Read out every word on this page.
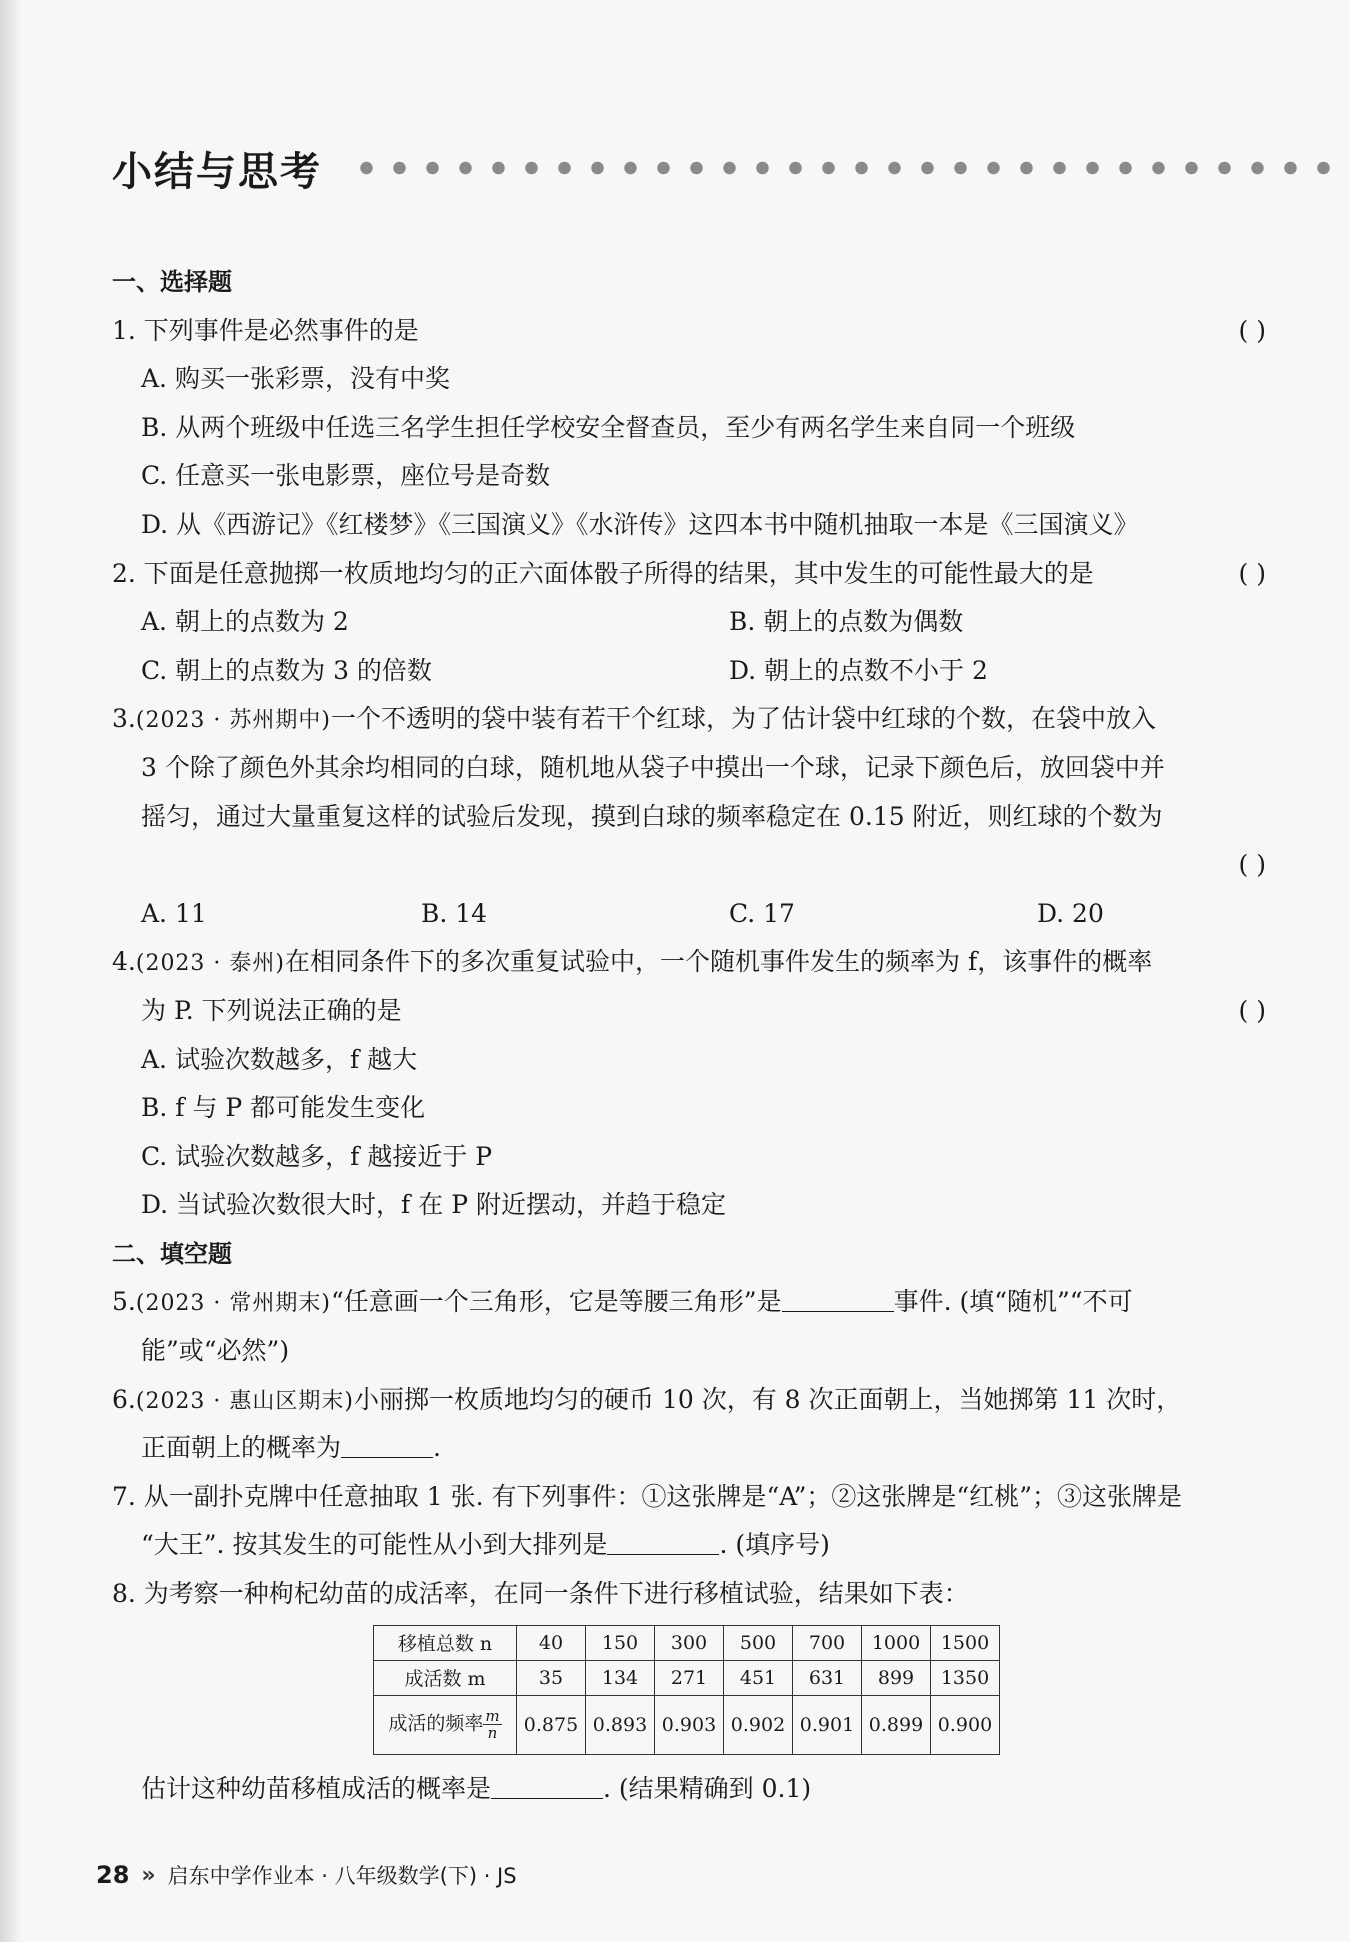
小结与思考
一、选择题
1. 下列事件是必然事件的是	( )
A. 购买一张彩票，没有中奖
B. 从两个班级中任选三名学生担任学校安全督查员，至少有两名学生来自同一个班级
C. 任意买一张电影票，座位号是奇数
D. 从《西游记》《红楼梦》《三国演义》《水浒传》这四本书中随机抽取一本是《三国演义》
2. 下面是任意抛掷一枚质地均匀的正六面体骰子所得的结果，其中发生的可能性最大的是	( )
A. 朝上的点数为 2	B. 朝上的点数为偶数
C. 朝上的点数为 3 的倍数	D. 朝上的点数不小于 2
3.(2023 · 苏州期中)一个不透明的袋中装有若干个红球，为了估计袋中红球的个数，在袋中放入
3 个除了颜色外其余均相同的白球，随机地从袋子中摸出一个球，记录下颜色后，放回袋中并
摇匀，通过大量重复这样的试验后发现，摸到白球的频率稳定在 0.15 附近，则红球的个数为
( )
A. 11	B. 14	C. 17	D. 20
4.(2023 · 泰州)在相同条件下的多次重复试验中，一个随机事件发生的频率为 f，该事件的概率
为 P. 下列说法正确的是	( )
A. 试验次数越多，f 越大
B. f 与 P 都可能发生变化
C. 试验次数越多，f 越接近于 P
D. 当试验次数很大时，f 在 P 附近摆动，并趋于稳定
二、填空题
5.(2023 · 常州期末)“任意画一个三角形，它是等腰三角形”是	事件. (填“随机”“不可
能”或“必然”)
6.(2023 · 惠山区期末)小丽掷一枚质地均匀的硬币 10 次，有 8 次正面朝上，当她掷第 11 次时，
正面朝上的概率为	.
7. 从一副扑克牌中任意抽取 1 张. 有下列事件：①这张牌是“A”；②这张牌是“红桃”；③这张牌是
“大王”. 按其发生的可能性从小到大排列是	. (填序号)
8. 为考察一种枸杞幼苗的成活率，在同一条件下进行移植试验，结果如下表：
移植总数 n	40	150	300	500	700	1000	1500
成活数 m	35	134	271	451	631	899	1350
成活的频率 $\frac{m}{n}$	0.875	0.893	0.903	0.902	0.901	0.899	0.900
估计这种幼苗移植成活的概率是	. (结果精确到 0.1)
28 » 启东中学作业本 · 八年级数学(下) · JS
